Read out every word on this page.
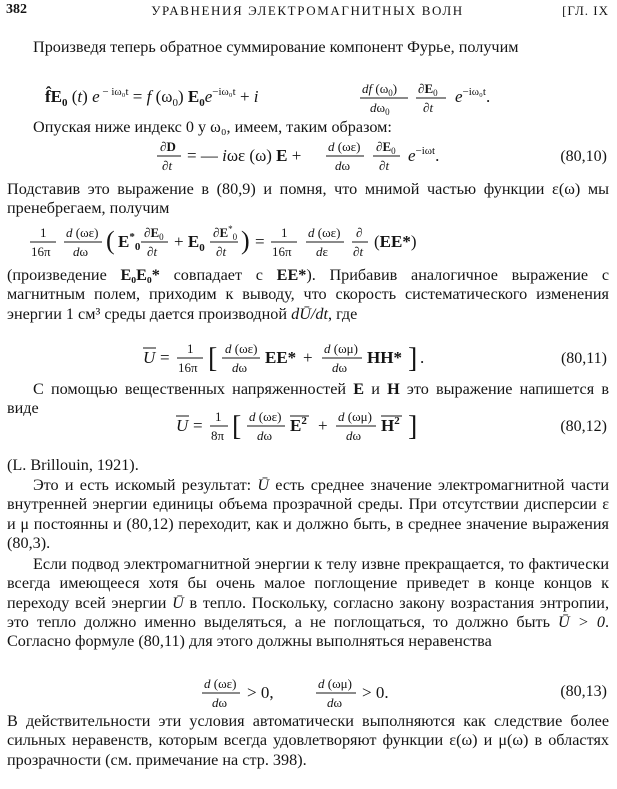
382	УРАВНЕНИЯ ЭЛЕКТРОМАГНИТНЫХ ВОЛН	[ГЛ. IX
Произведя теперь обратное суммирование компонент Фурье, получим
$f̂E_0$ (t) e $^{- i\omega_0t}$ = f $(\omega_0) E_0e^{-i\omega_0t} + i$	df $(\omega_0)$
$d\omega_0$
$\partial E_0$
∂t
$e^{-i\omega_0t}$.
Опуская ниже индекс 0 у ω₀, имеем, таким образом:
∂D
∂t
= — iωε (ω) E + d (ωε)
dω
$\partial E_0$
∂t
$e^{-i\omega t}$.	(80,10)
Подставив это выражение в (80,9) и помня, что мнимой частью функции ε(ω) мы пренебрегаем, получим
1
16π
d (ωε)
dω ( $E^*_0$
$\partial E_0$
∂t
+ $E_0$
$\partial E^*_0$
∂t ) = 1
16π
d (ωε)
dε
∂
∂t
(EE*)
(произведение E₀E₀* совпадает с EE*). Прибавив аналогичное выражение с магнитным полем, приходим к выводу, что скорость систематического изменения энергии 1 см³ среды дается производной dŪ/dt, где
U = 1
16π [ d (ωε)
dω
EE* + d (ωμ)
dω
HH* ] .	(80,11)
С помощью вещественных напряженностей E и H это выражение напишется в виде
U = 1
8π [ d (ωε)
dω
$E^2 + d$ (ωμ)
dω
$H^2$ ]	(80,12)
(L. Brillouin, 1921).
Это и есть искомый результат: Ū есть среднее значение электромагнитной части внутренней энергии единицы объема прозрачной среды. При отсутствии дисперсии ε и μ постоянны и (80,12) переходит, как и должно быть, в среднее значение выражения (80,3).
Если подвод электромагнитной энергии к телу извне прекращается, то фактически всегда имеющееся хотя бы очень малое поглощение приведет в конце концов к переходу всей энергии Ū в тепло. Поскольку, согласно закону возрастания энтропии, это тепло должно именно выделяться, а не поглощаться, то должно быть Ū > 0. Согласно формуле (80,11) для этого должны выполняться неравенства
d (ωε)
dω
> 0,	d (ωμ)
dω
> 0.	(80,13)
В действительности эти условия автоматически выполняются как следствие более сильных неравенств, которым всегда удовлетворяют функции ε(ω) и μ(ω) в областях прозрачности (см. примечание на стр. 398).
